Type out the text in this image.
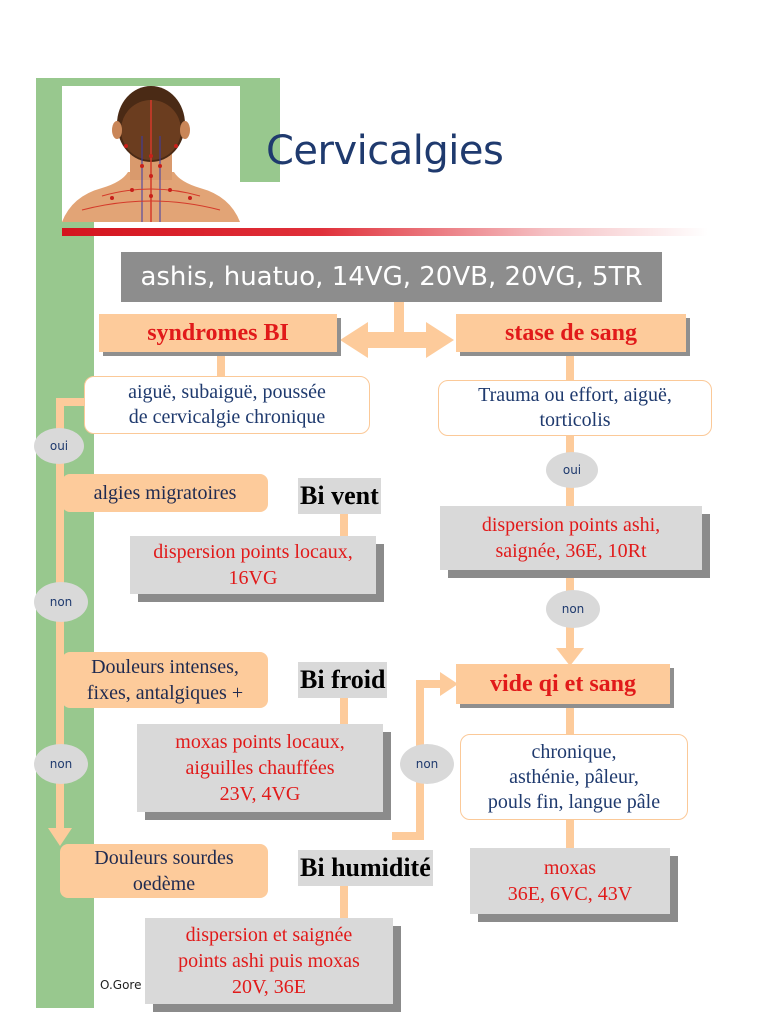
Cervicalgies
ashis, huatuo, 14VG, 20VB, 20VG, 5TR
syndromes BI
aiguë, subaiguë, poussée
de cervicalgie chronique
oui
algies migratoires	Bi vent
dispersion points locaux,
16VG
non
Douleurs intenses,
fixes, antalgiques +	Bi froid
moxas points locaux,
aiguilles chauffées
23V, 4VG
non
Douleurs sourdes
oedème
Bi humidité
dispersion et saignée
points ashi puis moxas
20V, 36E
stase de sang
Trauma ou effort, aiguë,
torticolis
oui
dispersion points ashi,
saignée, 36E, 10Rt
non
vide qi et sang
chronique,
asthénie, pâleur,
pouls fin, langue pâle
moxas
36E, 6VC, 43V
non
O.Gore
